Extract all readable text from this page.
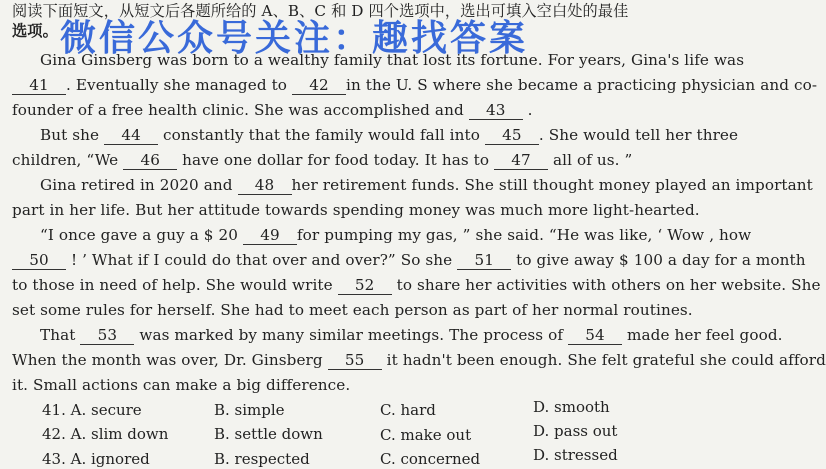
阅读下面短文，从短文后各题所给的 A、B、C 和 D 四个选项中，选出可填入空白处的最佳
选项。 微信公众号关注：趣找答案
Gina Ginsberg was born to a wealthy family that lost its fortune. For years, Gina's life was
41 . Eventually she managed to 42 in the U. S where she became a practicing physician and co-
founder of a free health clinic. She was accomplished and 43 .
But she 44 constantly that the family would fall into 45 . She would tell her three
children, “We 46 have one dollar for food today. It has to 47 all of us. ”
Gina retired in 2020 and 48 her retirement funds. She still thought money played an important
part in her life. But her attitude towards spending money was much more light-hearted.
“I once gave a guy a $ 20 49 for pumping my gas, ” she said. “He was like, ‘ Wow , how
50 ! ’ What if I could do that over and over?” So she 51 to give away $ 100 a day for a month
to those in need of help. She would write 52 to share her activities with others on her website. She
set some rules for herself. She had to meet each person as part of her normal routines.
That 53 was marked by many similar meetings. The process of 54 made her feel good.
When the month was over, Dr. Ginsberg 55 it hadn't been enough. She felt grateful she could afford
it. Small actions can make a big difference.
41. A. secure	B. simple	C. hard	D. smooth
42. A. slim down	B. settle down	C. make out	D. pass out
43. A. ignored	B. respected	C. concerned	D. stressed
